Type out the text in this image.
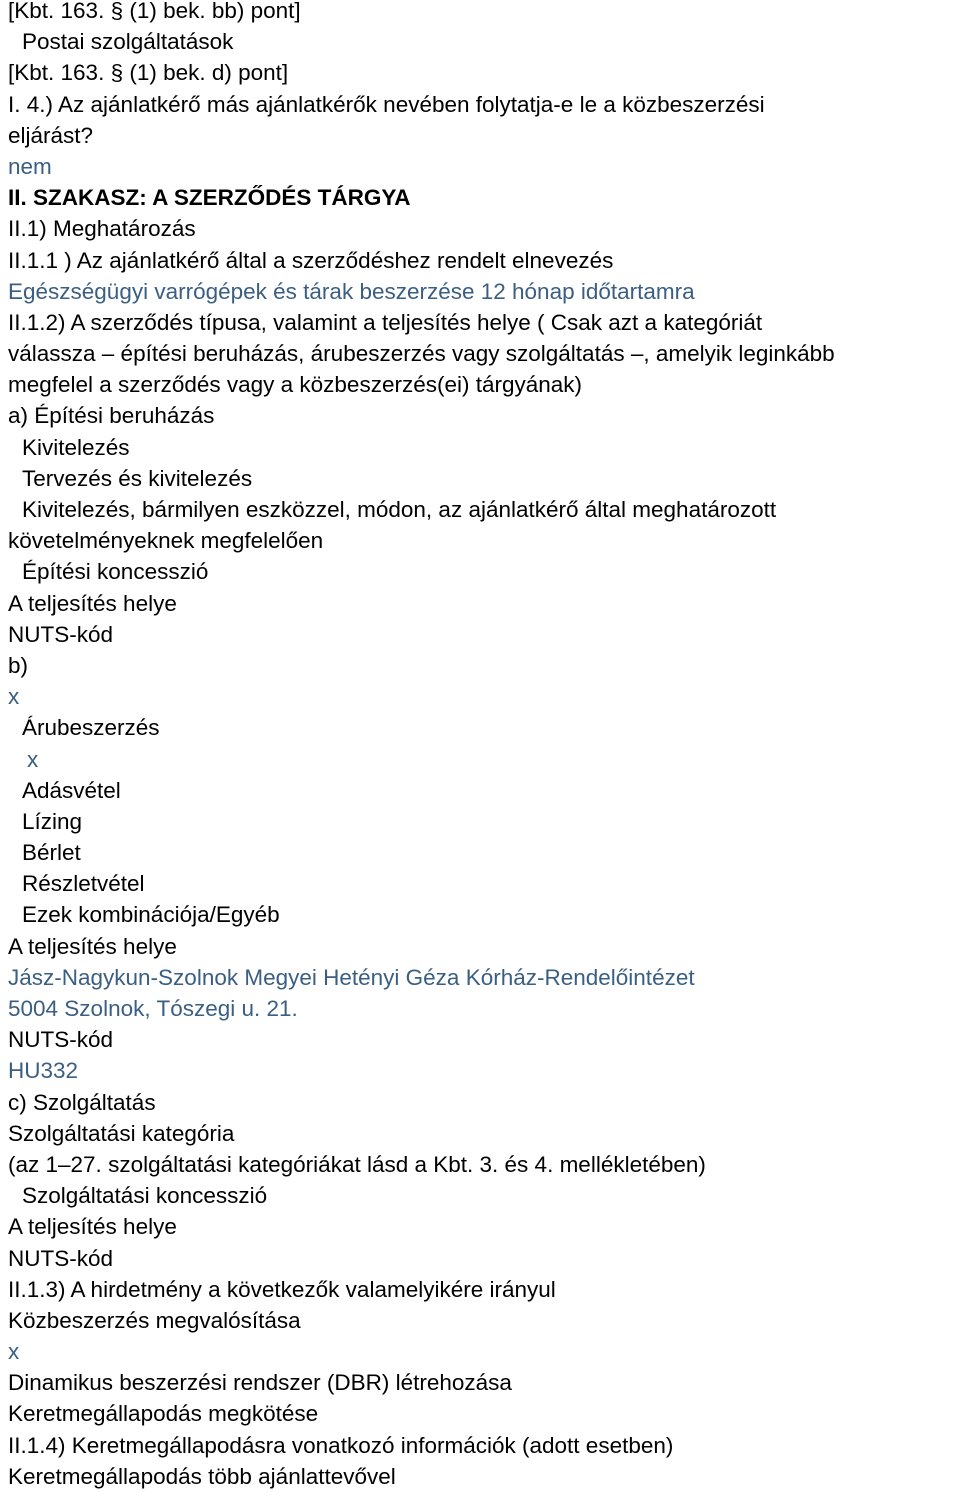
[Kbt. 163. § (1) bek. bb) pont]

Postai szolgáltatások

[Kbt. 163. § (1) bek. d) pont]

I. 4.) Az ajánlatkérő más ajánlatkérők nevében folytatja-e le a közbeszerzési

eljárást?

nem

II. SZAKASZ: A SZERZŐDÉS TÁRGYA

II.1) Meghatározás

II.1.1 ) Az ajánlatkérő által a szerződéshez rendelt elnevezés

Egészségügyi varrógépek és tárak beszerzése 12 hónap időtartamra

II.1.2) A szerződés típusa, valamint a teljesítés helye ( Csak azt a kategóriát

válassza – építési beruházás, árubeszerzés vagy szolgáltatás –, amelyik leginkább

megfelel a szerződés vagy a közbeszerzés(ei) tárgyának)

a) Építési beruházás

Kivitelezés

Tervezés és kivitelezés

Kivitelezés, bármilyen eszközzel, módon, az ajánlatkérő által meghatározott

követelményeknek megfelelően

Építési koncesszió

A teljesítés helye

NUTS-kód

b)

x

Árubeszerzés

x

Adásvétel

Lízing

Bérlet

Részletvétel

Ezek kombinációja/Egyéb

A teljesítés helye

Jász-Nagykun-Szolnok Megyei Hetényi Géza Kórház-Rendelőintézet

5004 Szolnok, Tószegi u. 21.

NUTS-kód

HU332

c) Szolgáltatás

Szolgáltatási kategória

(az 1–27. szolgáltatási kategóriákat lásd a Kbt. 3. és 4. mellékletében)

Szolgáltatási koncesszió

A teljesítés helye

NUTS-kód

II.1.3) A hirdetmény a következők valamelyikére irányul

Közbeszerzés megvalósítása

x

Dinamikus beszerzési rendszer (DBR) létrehozása

Keretmegállapodás megkötése

II.1.4) Keretmegállapodásra vonatkozó információk (adott esetben)

Keretmegállapodás több ajánlattevővel
